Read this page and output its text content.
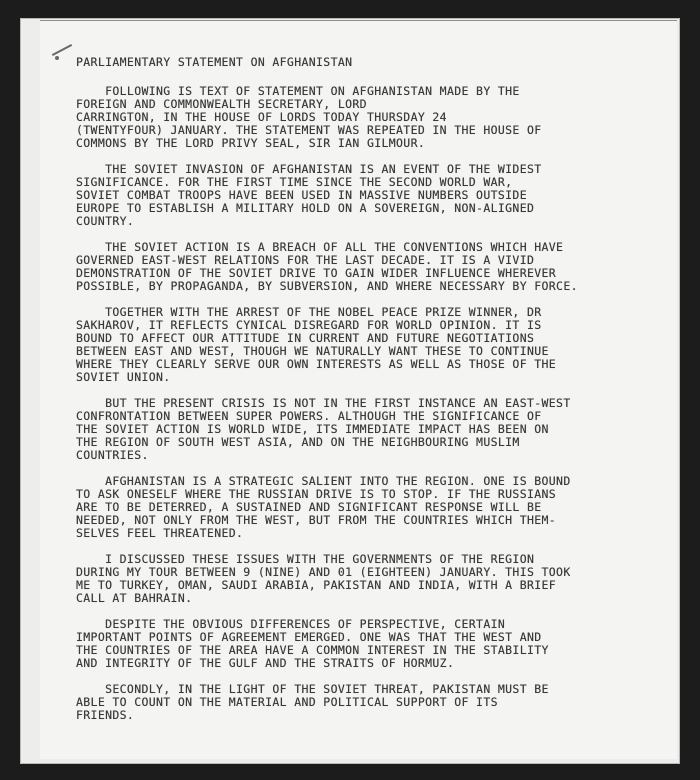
PARLIAMENTARY STATEMENT ON AFGHANISTAN
FOLLOWING IS TEXT OF STATEMENT ON AFGHANISTAN MADE BY THE
FOREIGN AND COMMONWEALTH SECRETARY, LORD
CARRINGTON, IN THE HOUSE OF LORDS TODAY THURSDAY 24
(TWENTYFOUR) JANUARY. THE STATEMENT WAS REPEATED IN THE HOUSE OF
COMMONS BY THE LORD PRIVY SEAL, SIR IAN GILMOUR.
THE SOVIET INVASION OF AFGHANISTAN IS AN EVENT OF THE WIDEST
SIGNIFICANCE. FOR THE FIRST TIME SINCE THE SECOND WORLD WAR,
SOVIET COMBAT TROOPS HAVE BEEN USED IN MASSIVE NUMBERS OUTSIDE
EUROPE TO ESTABLISH A MILITARY HOLD ON A SOVEREIGN, NON-ALIGNED
COUNTRY.
THE SOVIET ACTION IS A BREACH OF ALL THE CONVENTIONS WHICH HAVE
GOVERNED EAST-WEST RELATIONS FOR THE LAST DECADE. IT IS A VIVID
DEMONSTRATION OF THE SOVIET DRIVE TO GAIN WIDER INFLUENCE WHEREVER
POSSIBLE, BY PROPAGANDA, BY SUBVERSION, AND WHERE NECESSARY BY FORCE.
TOGETHER WITH THE ARREST OF THE NOBEL PEACE PRIZE WINNER, DR
SAKHAROV, IT REFLECTS CYNICAL DISREGARD FOR WORLD OPINION. IT IS
BOUND TO AFFECT OUR ATTITUDE IN CURRENT AND FUTURE NEGOTIATIONS
BETWEEN EAST AND WEST, THOUGH WE NATURALLY WANT THESE TO CONTINUE
WHERE THEY CLEARLY SERVE OUR OWN INTERESTS AS WELL AS THOSE OF THE
SOVIET UNION.
BUT THE PRESENT CRISIS IS NOT IN THE FIRST INSTANCE AN EAST-WEST
CONFRONTATION BETWEEN SUPER POWERS. ALTHOUGH THE SIGNIFICANCE OF
THE SOVIET ACTION IS WORLD WIDE, ITS IMMEDIATE IMPACT HAS BEEN ON
THE REGION OF SOUTH WEST ASIA, AND ON THE NEIGHBOURING MUSLIM
COUNTRIES.
AFGHANISTAN IS A STRATEGIC SALIENT INTO THE REGION. ONE IS BOUND
TO ASK ONESELF WHERE THE RUSSIAN DRIVE IS TO STOP. IF THE RUSSIANS
ARE TO BE DETERRED, A SUSTAINED AND SIGNIFICANT RESPONSE WILL BE
NEEDED, NOT ONLY FROM THE WEST, BUT FROM THE COUNTRIES WHICH THEM-
SELVES FEEL THREATENED.
I DISCUSSED THESE ISSUES WITH THE GOVERNMENTS OF THE REGION
DURING MY TOUR BETWEEN 9 (NINE) AND 01 (EIGHTEEN) JANUARY. THIS TOOK
ME TO TURKEY, OMAN, SAUDI ARABIA, PAKISTAN AND INDIA, WITH A BRIEF
CALL AT BAHRAIN.
DESPITE THE OBVIOUS DIFFERENCES OF PERSPECTIVE, CERTAIN
IMPORTANT POINTS OF AGREEMENT EMERGED. ONE WAS THAT THE WEST AND
THE COUNTRIES OF THE AREA HAVE A COMMON INTEREST IN THE STABILITY
AND INTEGRITY OF THE GULF AND THE STRAITS OF HORMUZ.
SECONDLY, IN THE LIGHT OF THE SOVIET THREAT, PAKISTAN MUST BE
ABLE TO COUNT ON THE MATERIAL AND POLITICAL SUPPORT OF ITS
FRIENDS.
